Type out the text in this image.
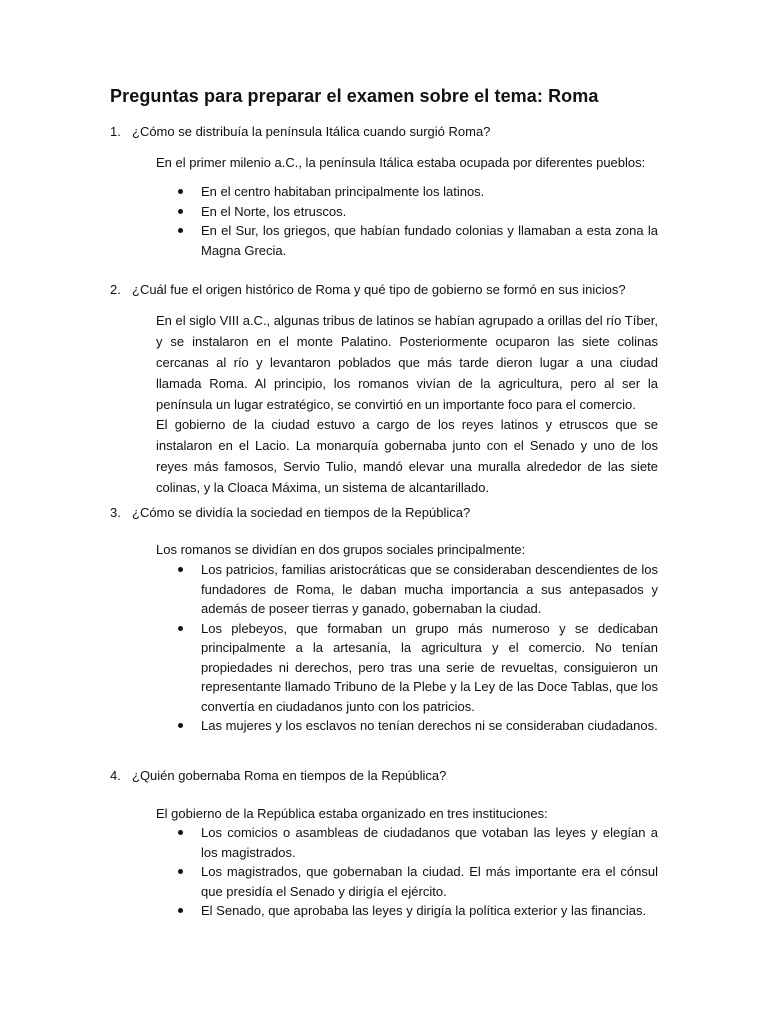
Preguntas para preparar el examen sobre el tema: Roma
1. ¿Cómo se distribuía la península Itálica cuando surgió Roma?
En el primer milenio a.C., la península Itálica estaba ocupada por diferentes pueblos:
En el centro habitaban principalmente los latinos.
En el Norte, los etruscos.
En el Sur, los griegos, que habían fundado colonias y llamaban a esta zona la Magna Grecia.
2. ¿Cuál fue el origen histórico de Roma y qué tipo de gobierno se formó en sus inicios?
En el siglo VIII a.C., algunas tribus de latinos se habían agrupado a orillas del río Tíber, y se instalaron en el monte Palatino. Posteriormente ocuparon las siete colinas cercanas al río y levantaron poblados que más tarde dieron lugar a una ciudad llamada Roma. Al principio, los romanos vivían de la agricultura, pero al ser la península un lugar estratégico, se convirtió en un importante foco para el comercio.
El gobierno de la ciudad estuvo a cargo de los reyes latinos y etruscos que se instalaron en el Lacio. La monarquía gobernaba junto con el Senado y uno de los reyes más famosos, Servio Tulio, mandó elevar una muralla alrededor de las siete colinas, y la Cloaca Máxima, un sistema de alcantarillado.
3. ¿Cómo se dividía la sociedad en tiempos de la República?
Los romanos se dividían en dos grupos sociales principalmente:
Los patricios, familias aristocráticas que se consideraban descendientes de los fundadores de Roma, le daban mucha importancia a sus antepasados y además de poseer tierras y ganado, gobernaban la ciudad.
Los plebeyos, que formaban un grupo más numeroso y se dedicaban principalmente a la artesanía, la agricultura y el comercio. No tenían propiedades ni derechos, pero tras una serie de revueltas, consiguieron un representante llamado Tribuno de la Plebe y la Ley de las Doce Tablas, que los convertía en ciudadanos junto con los patricios.
Las mujeres y los esclavos no tenían derechos ni se consideraban ciudadanos.
4. ¿Quién gobernaba Roma en tiempos de la República?
El gobierno de la República estaba organizado en tres instituciones:
Los comicios o asambleas de ciudadanos que votaban las leyes y elegían a los magistrados.
Los magistrados, que gobernaban la ciudad. El más importante era el cónsul que presidía el Senado y dirigía el ejército.
El Senado, que aprobaba las leyes y dirigía la política exterior y las financias.
